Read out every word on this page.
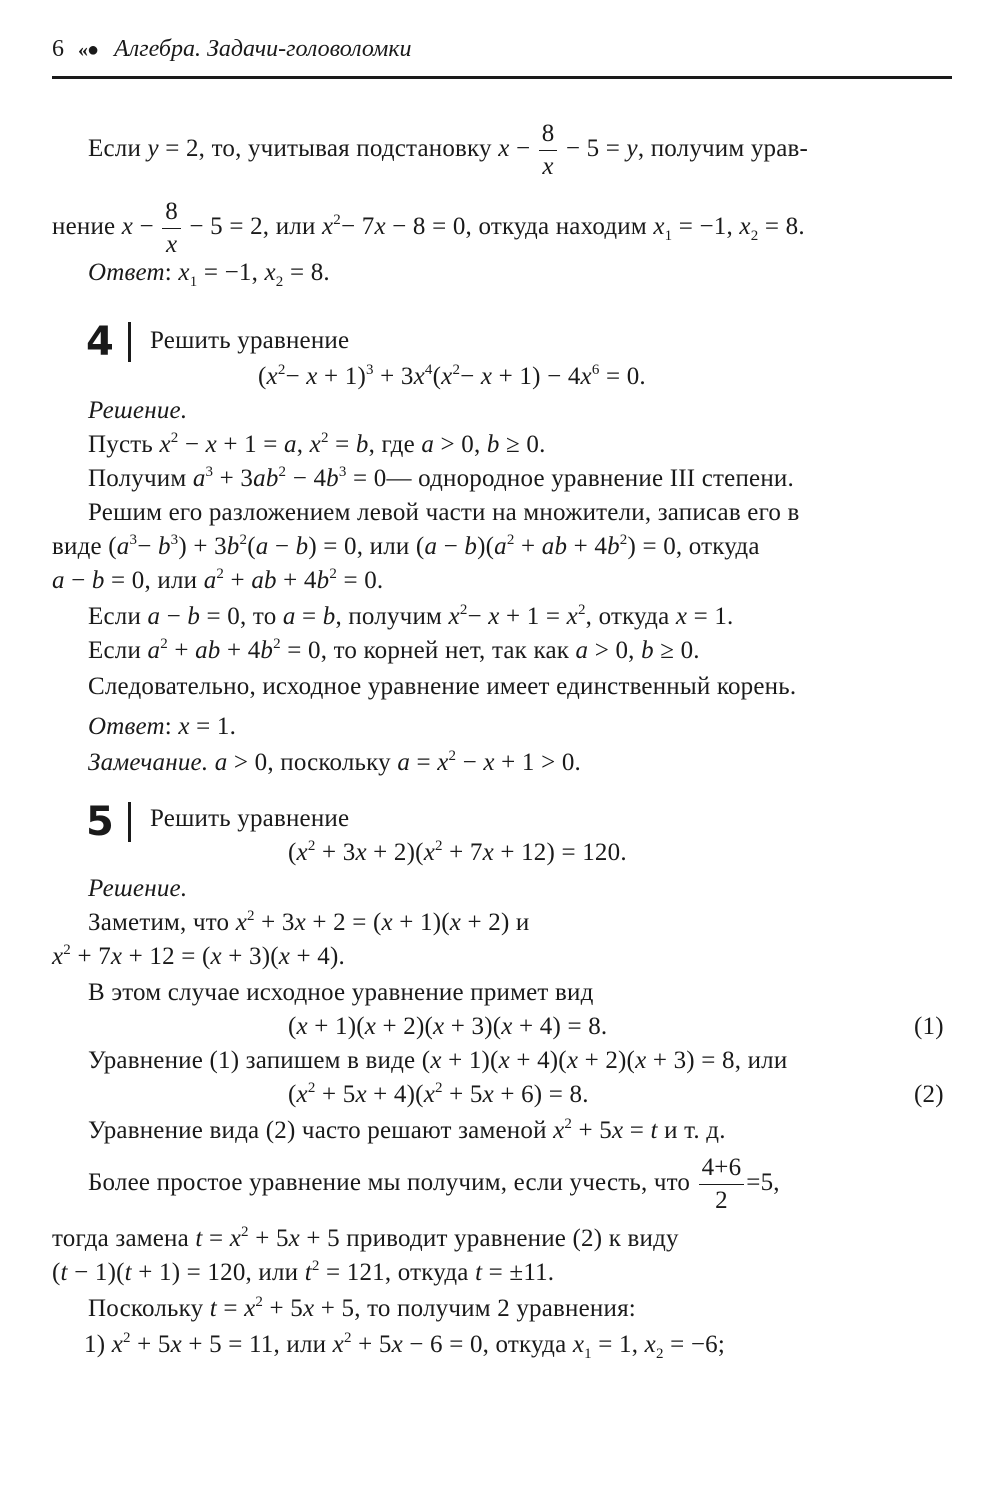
6 «● Алгебра. Задачи-головоломки
Если y = 2, то, учитывая подстановку $x - \frac{8}{x} - 5 = y$, получим урав-
нение $x - \frac{8}{x} - 5 = 2$, или $x^2- 7x - 8 = 0$, откуда находим $x_1 = -1$, $x_2 = 8$.
Ответ: $x_1 = -1$, $x_2 = 8$.
4 Решить уравнение
$(x^2- x + 1)^3 + 3x^4(x^2- x + 1) - 4x^6 = 0$.
Решение.
Пусть $x^2 - x + 1 = a$, $x^2 = b$, где a > 0, b ≥ 0.
Получим $a^3 + 3ab^2 - 4b^3$ = 0— однородное уравнение III степени.
Решим его разложением левой части на множители, записав его в
виде $(a^3- b^3) + 3b^2(a - b) = 0$, или $(a - b)(a^2$ + ab + $4b^2) = 0$, откуда
a − b = 0, или $a^2$ + ab + $4b^2 = 0$.
Если a − b = 0, то a = b, получим $x^2- x + 1 = x^2$, откуда x = 1.
Если $a^2$ + ab + $4b^2 = 0$, то корней нет, так как a > 0, b ≥ 0.
Следовательно, исходное уравнение имеет единственный корень.
Ответ: x = 1.
Замечание. a > 0, поскольку $a = x^2 - x + 1 > 0$.
5 Решить уравнение
$(x^2 + 3x + 2)(x^2 + 7x + 12) = 120$.
Решение.
Заметим, что $x^2 + 3x + 2 = (x + 1)(x + 2)$ и
$x^2 + 7x + 12 = (x + 3)(x + 4)$.
В этом случае исходное уравнение примет вид
(x + 1)(x + 2)(x + 3)(x + 4) = 8.	(1)
Уравнение (1) запишем в виде (x + 1)(x + 4)(x + 2)(x + 3) = 8, или
$(x^2 + 5x + 4)(x^2 + 5x + 6) = 8$.	(2)
Уравнение вида (2) часто решают заменой $x^2 + 5x = t$ и т. д.
Более простое уравнение мы получим, если учесть, что $\frac{4+6}{2} =5$,
тогда замена $t = x^2 + 5x + 5$ приводит уравнение (2) к виду
(t − 1)(t + 1) = 120, или $t^2 = 121$, откуда t = ±11.
Поскольку $t = x^2 + 5x + 5$, то получим 2 уравнения:
1) $x^2 + 5x + 5 = 11$, или $x^2 + 5x - 6 = 0$, откуда $x_1 = 1$, $x_2 = -6$;
